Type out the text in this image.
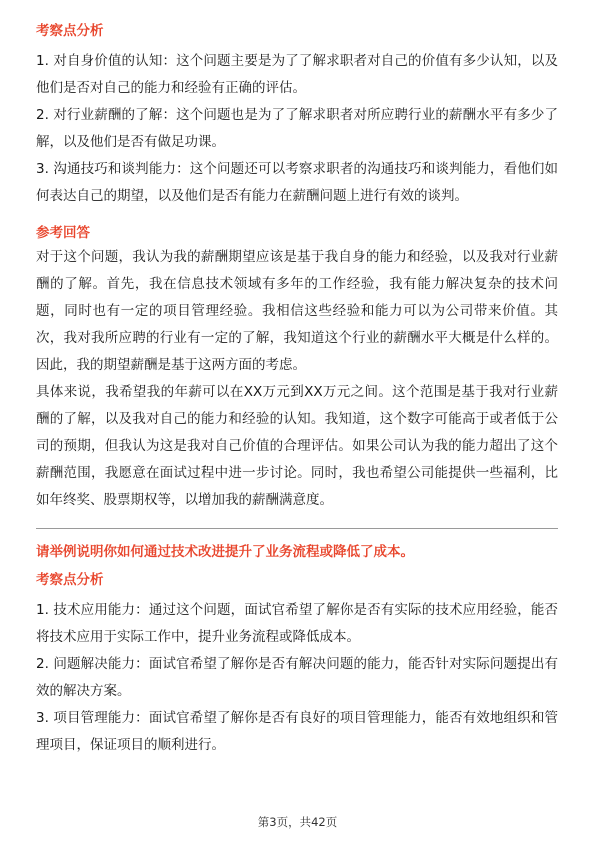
考察点分析

1. 对自身价值的认知：这个问题主要是为了了解求职者对自己的价值有多少认知，以及他们是否对自己的能力和经验有正确的评估。

2. 对行业薪酬的了解：这个问题也是为了了解求职者对所应聘行业的薪酬水平有多少了解，以及他们是否有做足功课。

3. 沟通技巧和谈判能力：这个问题还可以考察求职者的沟通技巧和谈判能力，看他们如何表达自己的期望，以及他们是否有能力在薪酬问题上进行有效的谈判。

参考回答

对于这个问题，我认为我的薪酬期望应该是基于我自身的能力和经验，以及我对行业薪酬的了解。首先，我在信息技术领域有多年的工作经验，我有能力解决复杂的技术问题，同时也有一定的项目管理经验。我相信这些经验和能力可以为公司带来价值。其次，我对我所应聘的行业有一定的了解，我知道这个行业的薪酬水平大概是什么样的。因此，我的期望薪酬是基于这两方面的考虑。

具体来说，我希望我的年薪可以在XX万元到XX万元之间。这个范围是基于我对行业薪酬的了解，以及我对自己的能力和经验的认知。我知道，这个数字可能高于或者低于公司的预期，但我认为这是我对自己价值的合理评估。如果公司认为我的能力超出了这个薪酬范围，我愿意在面试过程中进一步讨论。同时，我也希望公司能提供一些福利，比如年终奖、股票期权等，以增加我的薪酬满意度。

请举例说明你如何通过技术改进提升了业务流程或降低了成本。

考察点分析

1. 技术应用能力：通过这个问题，面试官希望了解你是否有实际的技术应用经验，能否将技术应用于实际工作中，提升业务流程或降低成本。

2. 问题解决能力：面试官希望了解你是否有解决问题的能力，能否针对实际问题提出有效的解决方案。

3. 项目管理能力：面试官希望了解你是否有良好的项目管理能力，能否有效地组织和管理项目，保证项目的顺利进行。

第3页，共42页
